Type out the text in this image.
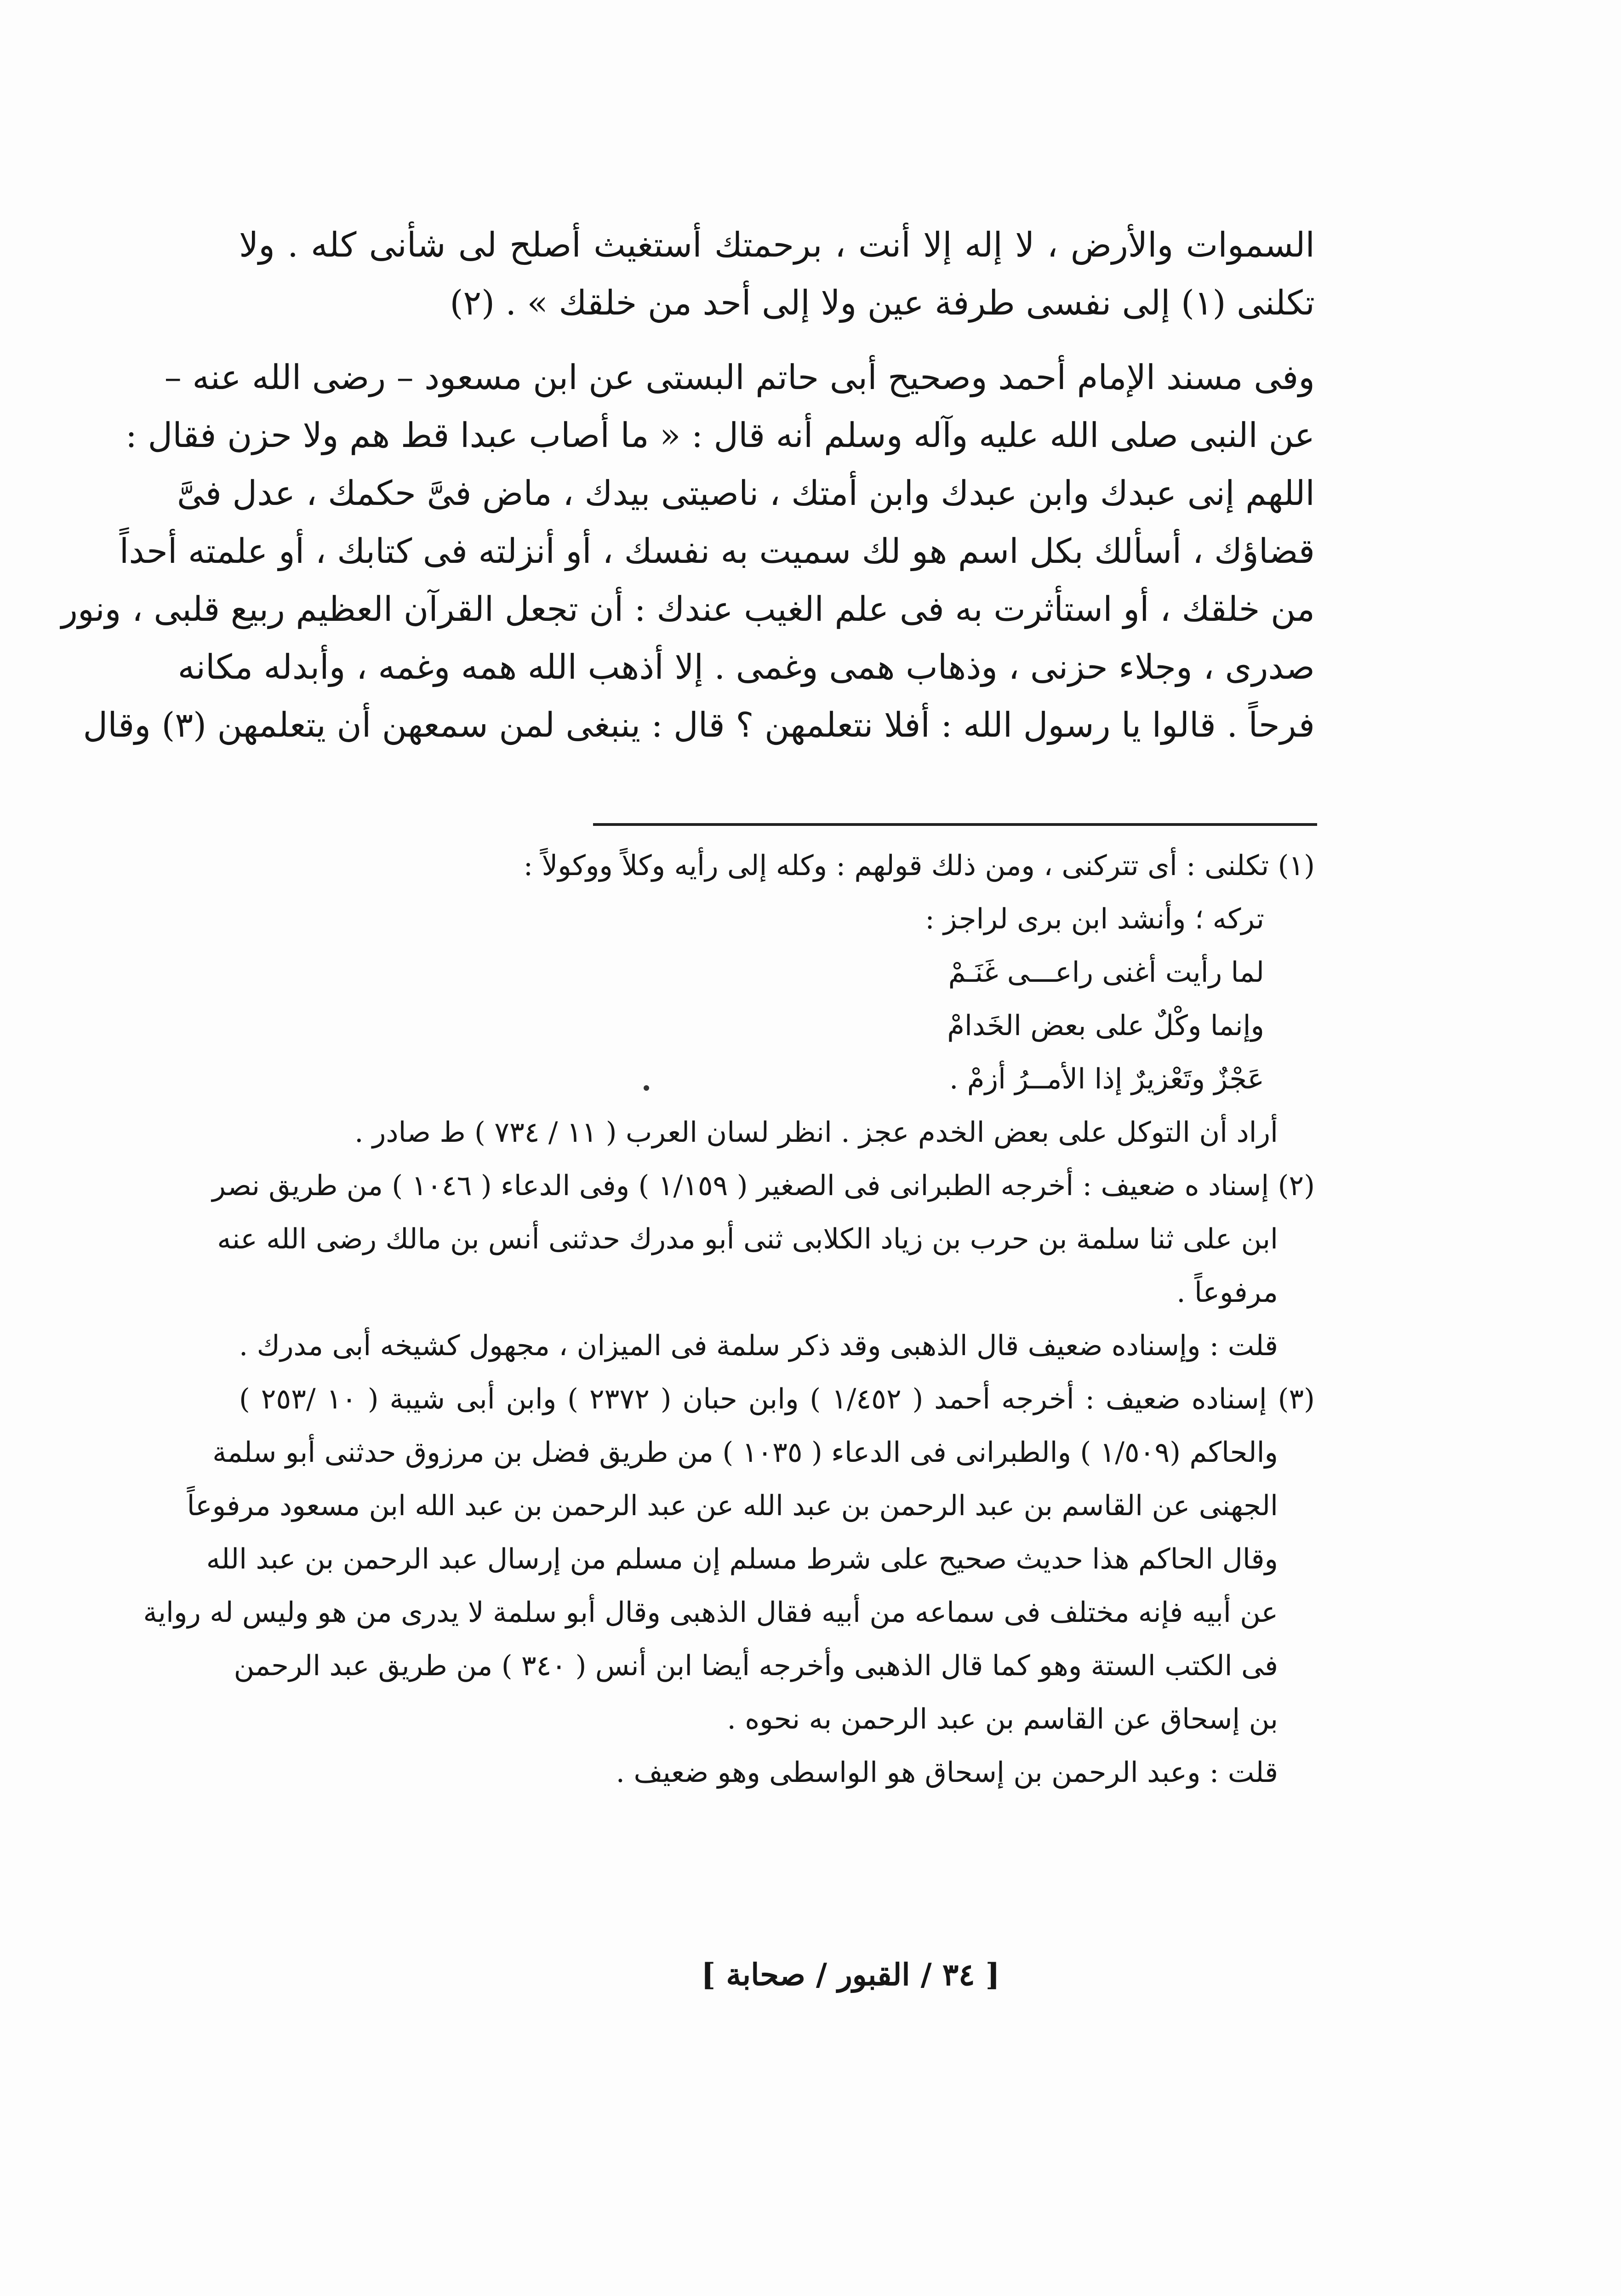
السموات والأرض ، لا إله إلا أنت ، برحمتك أستغيث أصلح لى شأنى كله . ولا
تكلنى (١) إلى نفسى طرفة عين ولا إلى أحد من خلقك » . (٢)
وفى مسند الإمام أحمد وصحيح أبى حاتم البستى عن ابن مسعود – رضى الله عنه –
عن النبى صلى الله عليه وآله وسلم أنه قال : « ما أصاب عبدا قط هم ولا حزن فقال :
اللهم إنى عبدك وابن عبدك وابن أمتك ، ناصيتى بيدك ، ماض فىَّ حكمك ، عدل فىَّ
قضاؤك ، أسألك بكل اسم هو لك سميت به نفسك ، أو أنزلته فى كتابك ، أو علمته أحداً
من خلقك ، أو استأثرت به فى علم الغيب عندك : أن تجعل القرآن العظيم ربيع قلبى ، ونور
صدرى ، وجلاء حزنى ، وذهاب همى وغمى . إلا أذهب الله همه وغمه ، وأبدله مكانه
فرحاً . قالوا يا رسول الله : أفلا نتعلمهن ؟ قال : ينبغى لمن سمعهن أن يتعلمهن (٣) وقال
(١) تكلنى : أى تتركنى ، ومن ذلك قولهم : وكله إلى رأيه وكلاً ووكولاً :
تركه ؛ وأنشد ابن برى لراجز :
لما رأيت أغنى راعـــى غَنَـمْ
وإنما وكْلٌ على بعض الخَدامْ
عَجْزٌ وتَعْزيرٌ إذا الأمــرُ أزمْ .
أراد أن التوكل على بعض الخدم عجز . انظر لسان العرب ( ١١ / ٧٣٤ ) ط صادر .
(٢) إسناد ه ضعيف : أخرجه الطبرانى فى الصغير ( ١/١٥٩ ) وفى الدعاء ( ١٠٤٦ ) من طريق نصر
ابن على ثنا سلمة بن حرب بن زياد الكلابى ثنى أبو مدرك حدثنى أنس بن مالك رضى الله عنه
مرفوعاً .
قلت : وإسناده ضعيف قال الذهبى وقد ذكر سلمة فى الميزان ، مجهول كشيخه أبى مدرك .
(٣) إسناده ضعيف : أخرجه أحمد ( ١/٤٥٢ ) وابن حبان ( ٢٣٧٢ ) وابن أبى شيبة ( ١٠ /٢٥٣ )
والحاكم (١/٥٠٩ ) والطبرانى فى الدعاء ( ١٠٣٥ ) من طريق فضل بن مرزوق حدثنى أبو سلمة
الجهنى عن القاسم بن عبد الرحمن بن عبد الله عن عبد الرحمن بن عبد الله ابن مسعود مرفوعاً
وقال الحاكم هذا حديث صحيح على شرط مسلم إن مسلم من إرسال عبد الرحمن بن عبد الله
عن أبيه فإنه مختلف فى سماعه من أبيه فقال الذهبى وقال أبو سلمة لا يدرى من هو وليس له رواية
فى الكتب الستة وهو كما قال الذهبى وأخرجه أيضا ابن أنس ( ٣٤٠ ) من طريق عبد الرحمن
بن إسحاق عن القاسم بن عبد الرحمن به نحوه .
قلت : وعبد الرحمن بن إسحاق هو الواسطى وهو ضعيف .
[ ٣٤ / القبور / صحابة ]
